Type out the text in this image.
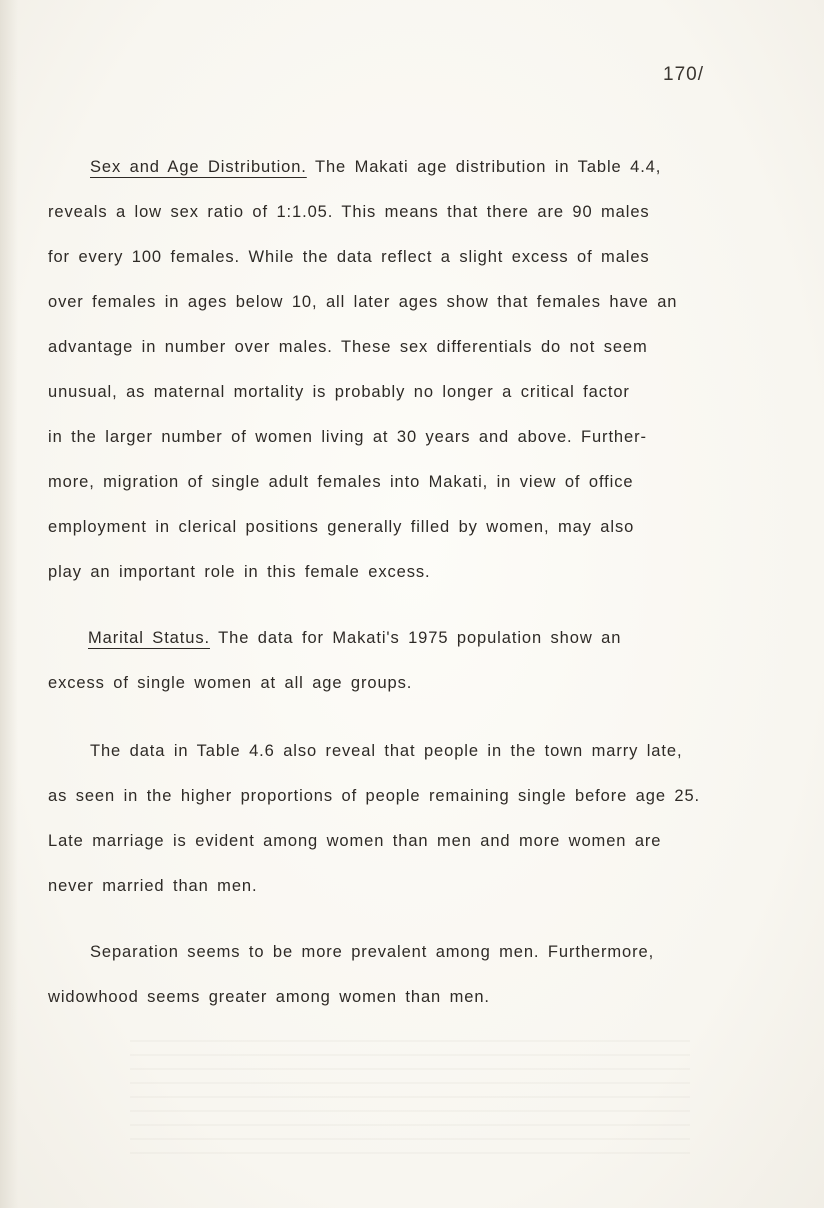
170/
Sex and Age Distribution. The Makati age distribution in Table 4.4,
reveals a low sex ratio of 1:1.05. This means that there are 90 males
for every 100 females. While the data reflect a slight excess of males
over females in ages below 10, all later ages show that females have an
advantage in number over males. These sex differentials do not seem
unusual, as maternal mortality is probably no longer a critical factor
in the larger number of women living at 30 years and above. Further-
more, migration of single adult females into Makati, in view of office
employment in clerical positions generally filled by women, may also
play an important role in this female excess.
Marital Status. The data for Makati's 1975 population show an
excess of single women at all age groups.
The data in Table 4.6 also reveal that people in the town marry late,
as seen in the higher proportions of people remaining single before age 25.
Late marriage is evident among women than men and more women are
never married than men.
Separation seems to be more prevalent among men. Furthermore,
widowhood seems greater among women than men.
